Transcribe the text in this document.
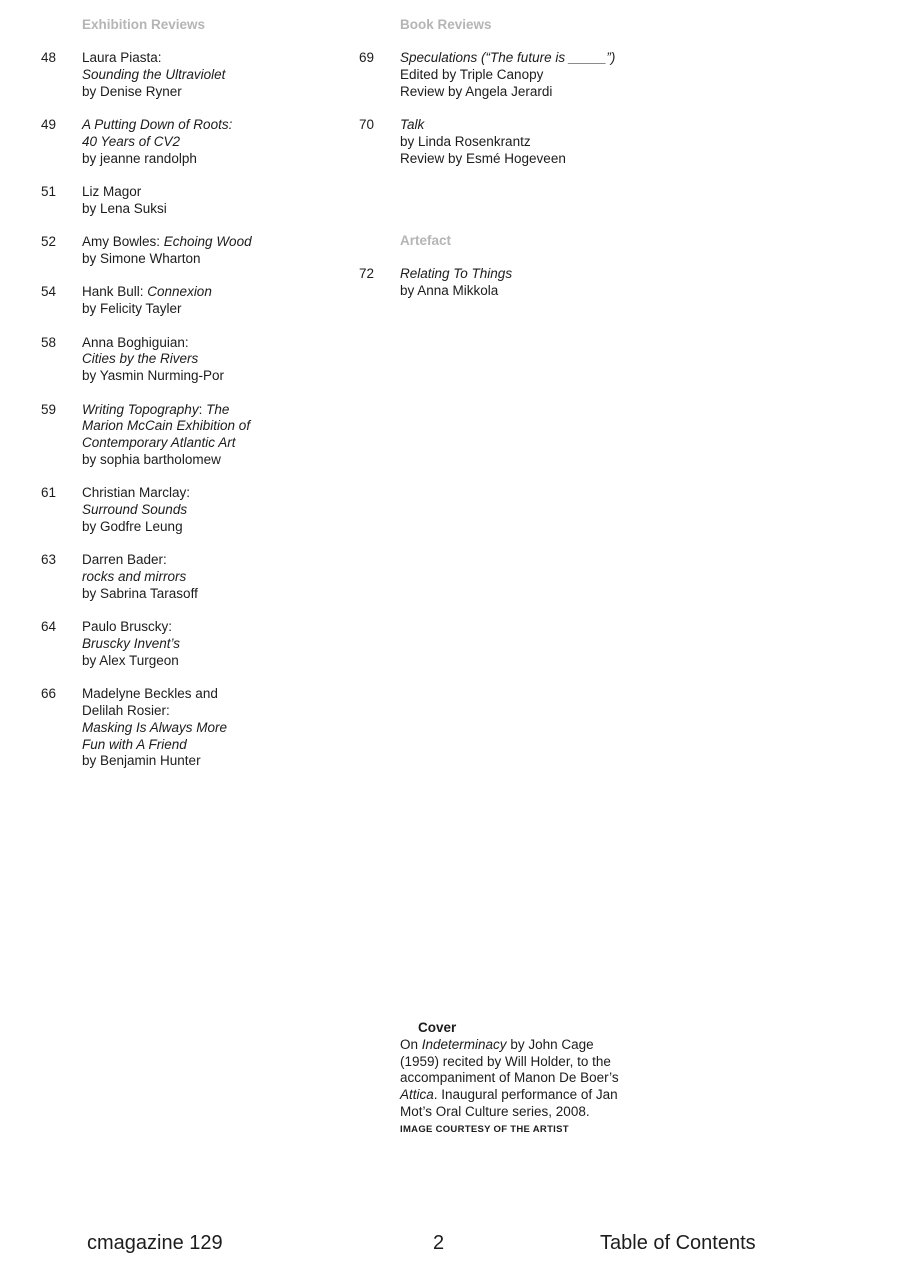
Exhibition Reviews
48 Laura Piasta:
Sounding the Ultraviolet
by Denise Ryner
49 A Putting Down of Roots:
40 Years of CV2
by jeanne randolph
51 Liz Magor
by Lena Suksi
52 Amy Bowles: Echoing Wood
by Simone Wharton
54 Hank Bull: Connexion
by Felicity Tayler
58 Anna Boghiguian:
Cities by the Rivers
by Yasmin Nurming-Por
59 Writing Topography: The
Marion McCain Exhibition of
Contemporary Atlantic Art
by sophia bartholomew
61 Christian Marclay:
Surround Sounds
by Godfre Leung
63 Darren Bader:
rocks and mirrors
by Sabrina Tarasoff
64 Paulo Bruscky:
Bruscky Invent’s
by Alex Turgeon
66 Madelyne Beckles and
Delilah Rosier:
Masking Is Always More
Fun with A Friend
by Benjamin Hunter
Book Reviews
69 Speculations (“The future is _____”)
Edited by Triple Canopy
Review by Angela Jerardi
70 Talk
by Linda Rosenkrantz
Review by Esmé Hogeveen
Artefact
72 Relating To Things
by Anna Mikkola
Cover
On Indeterminacy by John Cage
(1959) recited by Will Holder, to the
accompaniment of Manon De Boer’s
Attica. Inaugural performance of Jan
Mot’s Oral Culture series, 2008.
IMAGE COURTESY OF THE ARTIST
cmagazine 129	2	Table of Contents
